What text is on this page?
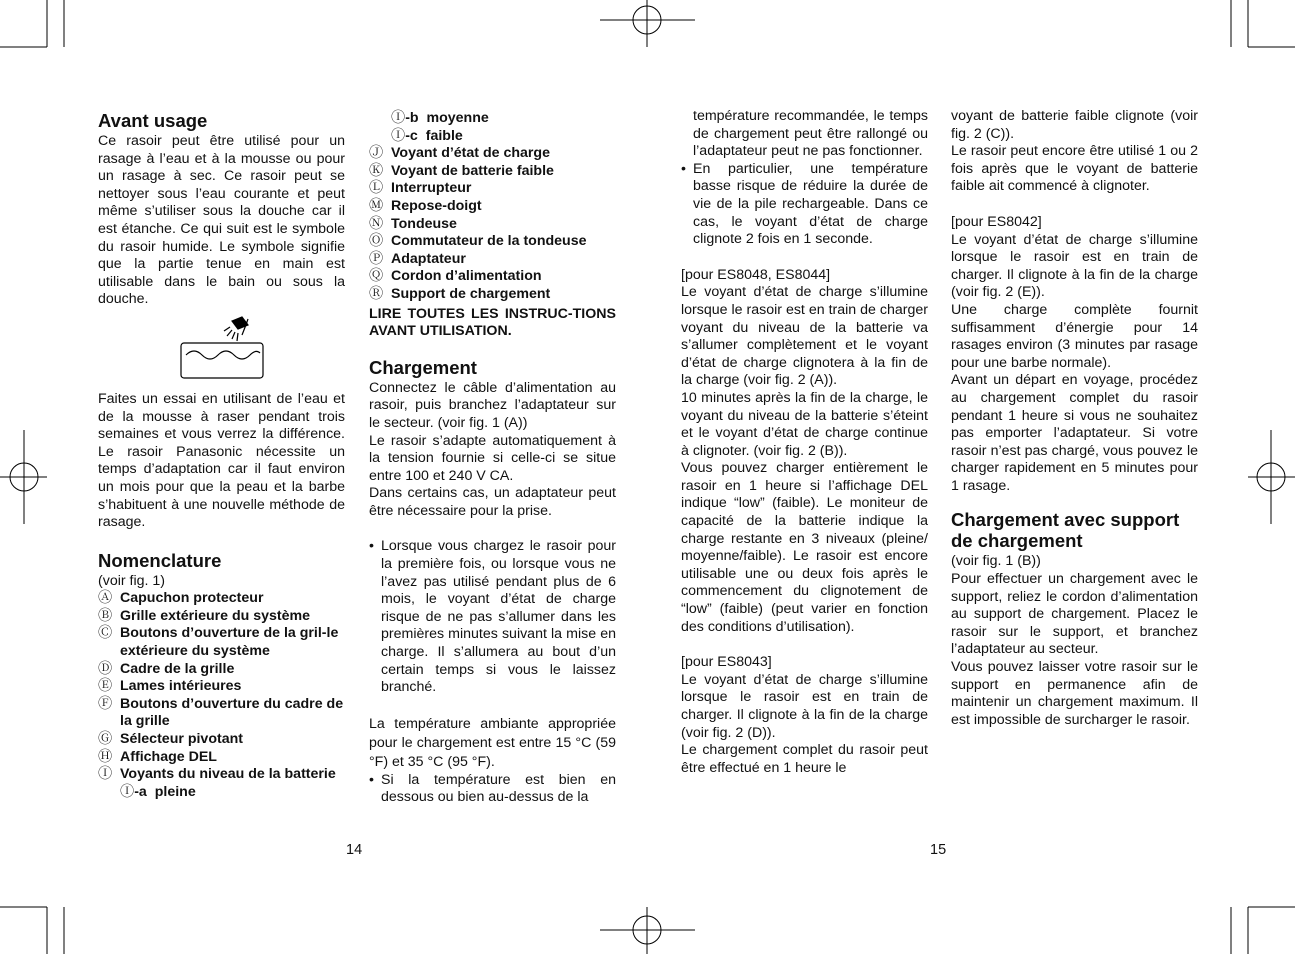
Avant usage

Ce rasoir peut être utilisé pour un rasage à l’eau et à la mousse ou pour un rasage à sec. Ce rasoir peut se nettoyer sous l’eau courante et peut même s’utiliser sous la douche car il est étanche. Ce qui suit est le symbole du rasoir humide. Le symbole signifie que la partie tenue en main est utilisable dans le bain ou sous la douche.

Faites un essai en utilisant de l’eau et de la mousse à raser pendant trois semaines et vous verrez la différence. Le rasoir Panasonic nécessite un temps d’adaptation car il faut environ un mois pour que la peau et la barbe s’habituent à une nouvelle méthode de rasage.

Nomenclature
(voir fig. 1)
Ⓐ Capuchon protecteur
Ⓑ Grille extérieure du système
Ⓒ Boutons d’ouverture de la gril-le extérieure du système
Ⓓ Cadre de la grille
Ⓔ Lames intérieures
Ⓕ Boutons d’ouverture du cadre de la grille
Ⓖ Sélecteur pivotant
Ⓗ Affichage DEL
Ⓘ Voyants du niveau de la batterie
Ⓘ-a pleine
Ⓘ-b moyenne
Ⓘ-c faible
Ⓙ Voyant d’état de charge
Ⓚ Voyant de batterie faible
Ⓛ Interrupteur
Ⓜ Repose-doigt
Ⓝ Tondeuse
Ⓞ Commutateur de la tondeuse
Ⓟ Adaptateur
Ⓠ Cordon d’alimentation
Ⓡ Support de chargement

LIRE TOUTES LES INSTRUC-TIONS AVANT UTILISATION.

Chargement

Connectez le câble d’alimentation au rasoir, puis branchez l’adaptateur sur le secteur. (voir fig. 1 (A))

Le rasoir s’adapte automatiquement à la tension fournie si celle-ci se situe entre 100 et 240 V CA.

Dans certains cas, un adaptateur peut être nécessaire pour la prise.

• Lorsque vous chargez le rasoir pour la première fois, ou lorsque vous ne l’avez pas utilisé pendant plus de 6 mois, le voyant d’état de charge risque de ne pas s’allumer dans les premières minutes suivant la mise en charge. Il s’allumera au bout d’un certain temps si vous le laissez branché.

La température ambiante appropriée pour le chargement est entre 15 °C (59 °F) et 35 °C (95 °F).

• Si la température est bien en dessous ou bien au-dessus de la
14

température recommandée, le temps de chargement peut être rallongé ou l’adaptateur peut ne pas fonctionner.

• En particulier, une température basse risque de réduire la durée de vie de la pile rechargeable. Dans ce cas, le voyant d’état de charge clignote 2 fois en 1 seconde.
[pour ES8048, ES8044]

Le voyant d’état de charge s’illumine lorsque le rasoir est en train de charger voyant du niveau de la batterie va s’allumer complètement et le voyant d’état de charge clignotera à la fin de la charge (voir fig. 2 (A)).

10 minutes après la fin de la charge, le voyant du niveau de la batterie s’éteint et le voyant d’état de charge continue à clignoter. (voir fig. 2 (B)).

Vous pouvez charger entièrement le rasoir en 1 heure si l’affichage DEL indique “low” (faible). Le moniteur de capacité de la batterie indique la charge restante en 3 niveaux (pleine/ moyenne/faible). Le rasoir est encore utilisable une ou deux fois après le commencement du clignotement de “low” (faible) (peut varier en fonction des conditions d’utilisation).

[pour ES8043]

Le voyant d’état de charge s’illumine lorsque le rasoir est en train de charger. Il clignote à la fin de la charge (voir fig. 2 (D)).

Le chargement complet du rasoir peut être effectué en 1 heure le

voyant de batterie faible clignote (voir fig. 2 (C)).

Le rasoir peut encore être utilisé 1 ou 2 fois après que le voyant de batterie faible ait commencé à clignoter.

[pour ES8042]

Le voyant d’état de charge s’illumine lorsque le rasoir est en train de charger. Il clignote à la fin de la charge (voir fig. 2 (E)).

Une charge complète fournit suffisamment d’énergie pour 14 rasages environ (3 minutes par rasage pour une barbe normale).

Avant un départ en voyage, procédez au chargement complet du rasoir pendant 1 heure si vous ne souhaitez pas emporter l’adaptateur. Si votre rasoir n’est pas chargé, vous pouvez le charger rapidement en 5 minutes pour 1 rasage.

Chargement avec support de chargement
(voir fig. 1 (B))

Pour effectuer un chargement avec le support, reliez le cordon d’alimentation au support de chargement. Placez le rasoir sur le support, et branchez l’adaptateur au secteur.

Vous pouvez laisser votre rasoir sur le support en permanence afin de maintenir un chargement maximum. Il est impossible de surcharger le rasoir.

15
